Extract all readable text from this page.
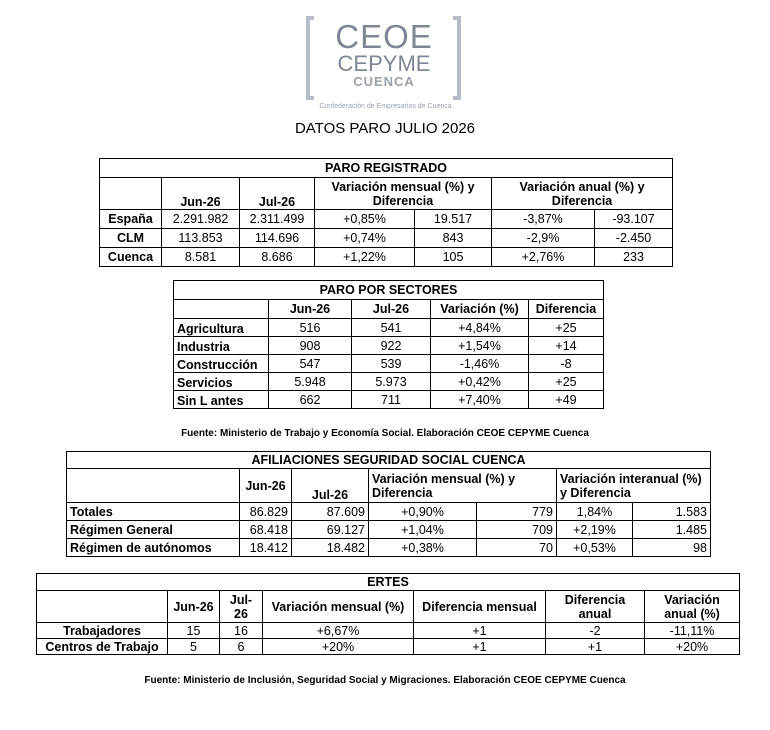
CEOE
CEPYME
CUENCA
Confederación de Empresarios de Cuenca
DATOS PARO JULIO 2026
PARO REGISTRADO						
	Jun-26	Jul-26	Variación mensual (%) y Diferencia		Variación anual (%) y Diferencia	
España	2.291.982	2.311.499	+0,85%	19.517	-3,87%	-93.107
CLM	113.853	114.696	+0,74%	843	-2,9%	-2.450
Cuenca	8.581	8.686	+1,22%	105	+2,76%	233
PARO POR SECTORES				
	Jun-26	Jul-26	Variación (%)	Diferencia
Agricultura	516	541	+4,84%	+25
Industria	908	922	+1,54%	+14
Construcción	547	539	-1,46%	-8
Servicios	5.948	5.973	+0,42%	+25
Sin L antes	662	711	+7,40%	+49
Fuente: Ministerio de Trabajo y Economía Social. Elaboración CEOE CEPYME Cuenca
AFILIACIONES SEGURIDAD SOCIAL CUENCA						
	Jun-26	Jul-26	Variación mensual (%) y Diferencia		Variación interanual (%) y Diferencia	
Totales	86.829	87.609	+0,90%	779	1,84%	1.583
Régimen General	68.418	69.127	+1,04%	709	+2,19%	1.485
Régimen de autónomos	18.412	18.482	+0,38%	70	+0,53%	98
ERTES						
	Jun-26	Jul-26	Variación mensual (%)	Diferencia mensual	Diferencia anual	Variación anual (%)
Trabajadores	15	16	+6,67%	+1	-2	-11,11%
Centros de Trabajo	5	6	+20%	+1	+1	+20%
Fuente: Ministerio de Inclusión, Seguridad Social y Migraciones. Elaboración CEOE CEPYME Cuenca
